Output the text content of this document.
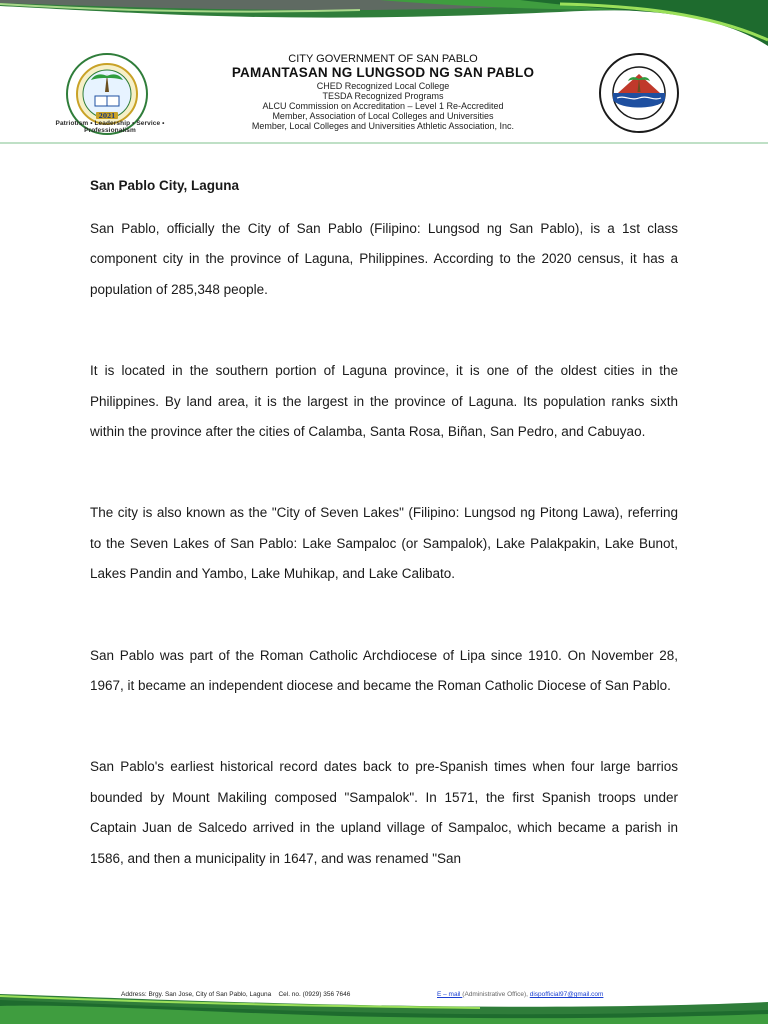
2021
Patriotism • Leadership • Service • Professionalism
CITY GOVERNMENT OF SAN PABLO
PAMANTASAN NG LUNGSOD NG SAN PABLO
CHED Recognized Local College
TESDA Recognized Programs
ALCU Commission on Accreditation – Level 1 Re-Accredited
Member, Association of Local Colleges and Universities
Member, Local Colleges and Universities Athletic Association, Inc.
San Pablo City, Laguna

San Pablo, officially the City of San Pablo (Filipino: Lungsod ng San Pablo), is a 1st class component city in the province of Laguna, Philippines. According to the 2020 census, it has a population of 285,348 people.

It is located in the southern portion of Laguna province, it is one of the oldest cities in the Philippines. By land area, it is the largest in the province of Laguna. Its population ranks sixth within the province after the cities of Calamba, Santa Rosa, Biñan, San Pedro, and Cabuyao.

The city is also known as the "City of Seven Lakes" (Filipino: Lungsod ng Pitong Lawa), referring to the Seven Lakes of San Pablo: Lake Sampaloc (or Sampalok), Lake Palakpakin, Lake Bunot, Lakes Pandin and Yambo, Lake Muhikap, and Lake Calibato.

San Pablo was part of the Roman Catholic Archdiocese of Lipa since 1910. On November 28, 1967, it became an independent diocese and became the Roman Catholic Diocese of San Pablo.

San Pablo's earliest historical record dates back to pre-Spanish times when four large barrios bounded by Mount Makiling composed "Sampalok". In 1571, the first Spanish troops under Captain Juan de Salcedo arrived in the upland village of Sampaloc, which became a parish in 1586, and then a municipality in 1647, and was renamed "San

Address: Brgy. San Jose, City of San Pablo, Laguna Cel. no. (0929) 356 7646	E – mail (Administrative Office), dispofficial97@gmail.com
